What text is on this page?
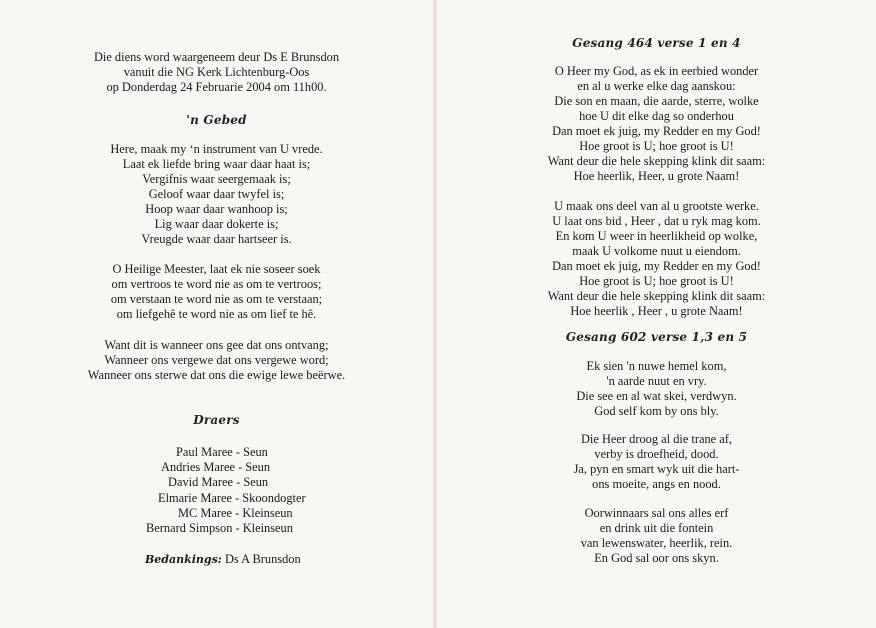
Die diens word waargeneem deur Ds E Brunsdon
vanuit die NG Kerk Lichtenburg-Oos
op Donderdag 24 Februarie 2004 om 11h00.
'n Gebed
Here, maak my ‘n instrument van U vrede.
Laat ek liefde bring waar daar haat is;
Vergifnis waar seergemaak is;
Geloof waar daar twyfel is;
Hoop waar daar wanhoop is;
Lig waar daar dokerte is;
Vreugde waar daar hartseer is.
O Heilige Meester, laat ek nie soseer soek
om vertroos te word nie as om te vertroos;
om verstaan te word nie as om te verstaan;
om liefgehê te word nie as om lief te hê.
Want dit is wanneer ons gee dat ons ontvang;
Wanneer ons vergewe dat ons vergewe word;
Wanneer ons sterwe dat ons die ewige lewe beërwe.
Draers
Paul Maree - Seun
Andries Maree - Seun
David Maree - Seun
Elmarie Maree - Skoondogter
MC Maree - Kleinseun
Bernard Simpson - Kleinseun
Bedankings: Ds A Brunsdon
Gesang 464 verse 1 en 4
O Heer my God, as ek in eerbied wonder
en al u werke elke dag aanskou:
Die son en maan, die aarde, sterre, wolke
hoe U dit elke dag so onderhou
Dan moet ek juig, my Redder en my God!
Hoe groot is U; hoe groot is U!
Want deur die hele skepping klink dit saam:
Hoe heerlik, Heer, u grote Naam!
U maak ons deel van al u grootste werke.
U laat ons bid , Heer , dat u ryk mag kom.
En kom U weer in heerlikheid op wolke,
maak U volkome nuut u eiendom.
Dan moet ek juig, my Redder en my God!
Hoe groot is U; hoe groot is U!
Want deur die hele skepping klink dit saam:
Hoe heerlik , Heer , u grote Naam!
Gesang 602 verse 1,3 en 5
Ek sien 'n nuwe hemel kom,
'n aarde nuut en vry.
Die see en al wat skei, verdwyn.
God self kom by ons bly.
Die Heer droog al die trane af,
verby is droefheid, dood.
Ja, pyn en smart wyk uit die hart-
ons moeite, angs en nood.
Oorwinnaars sal ons alles erf
en drink uit die fontein
van lewenswater, heerlik, rein.
En God sal oor ons skyn.
